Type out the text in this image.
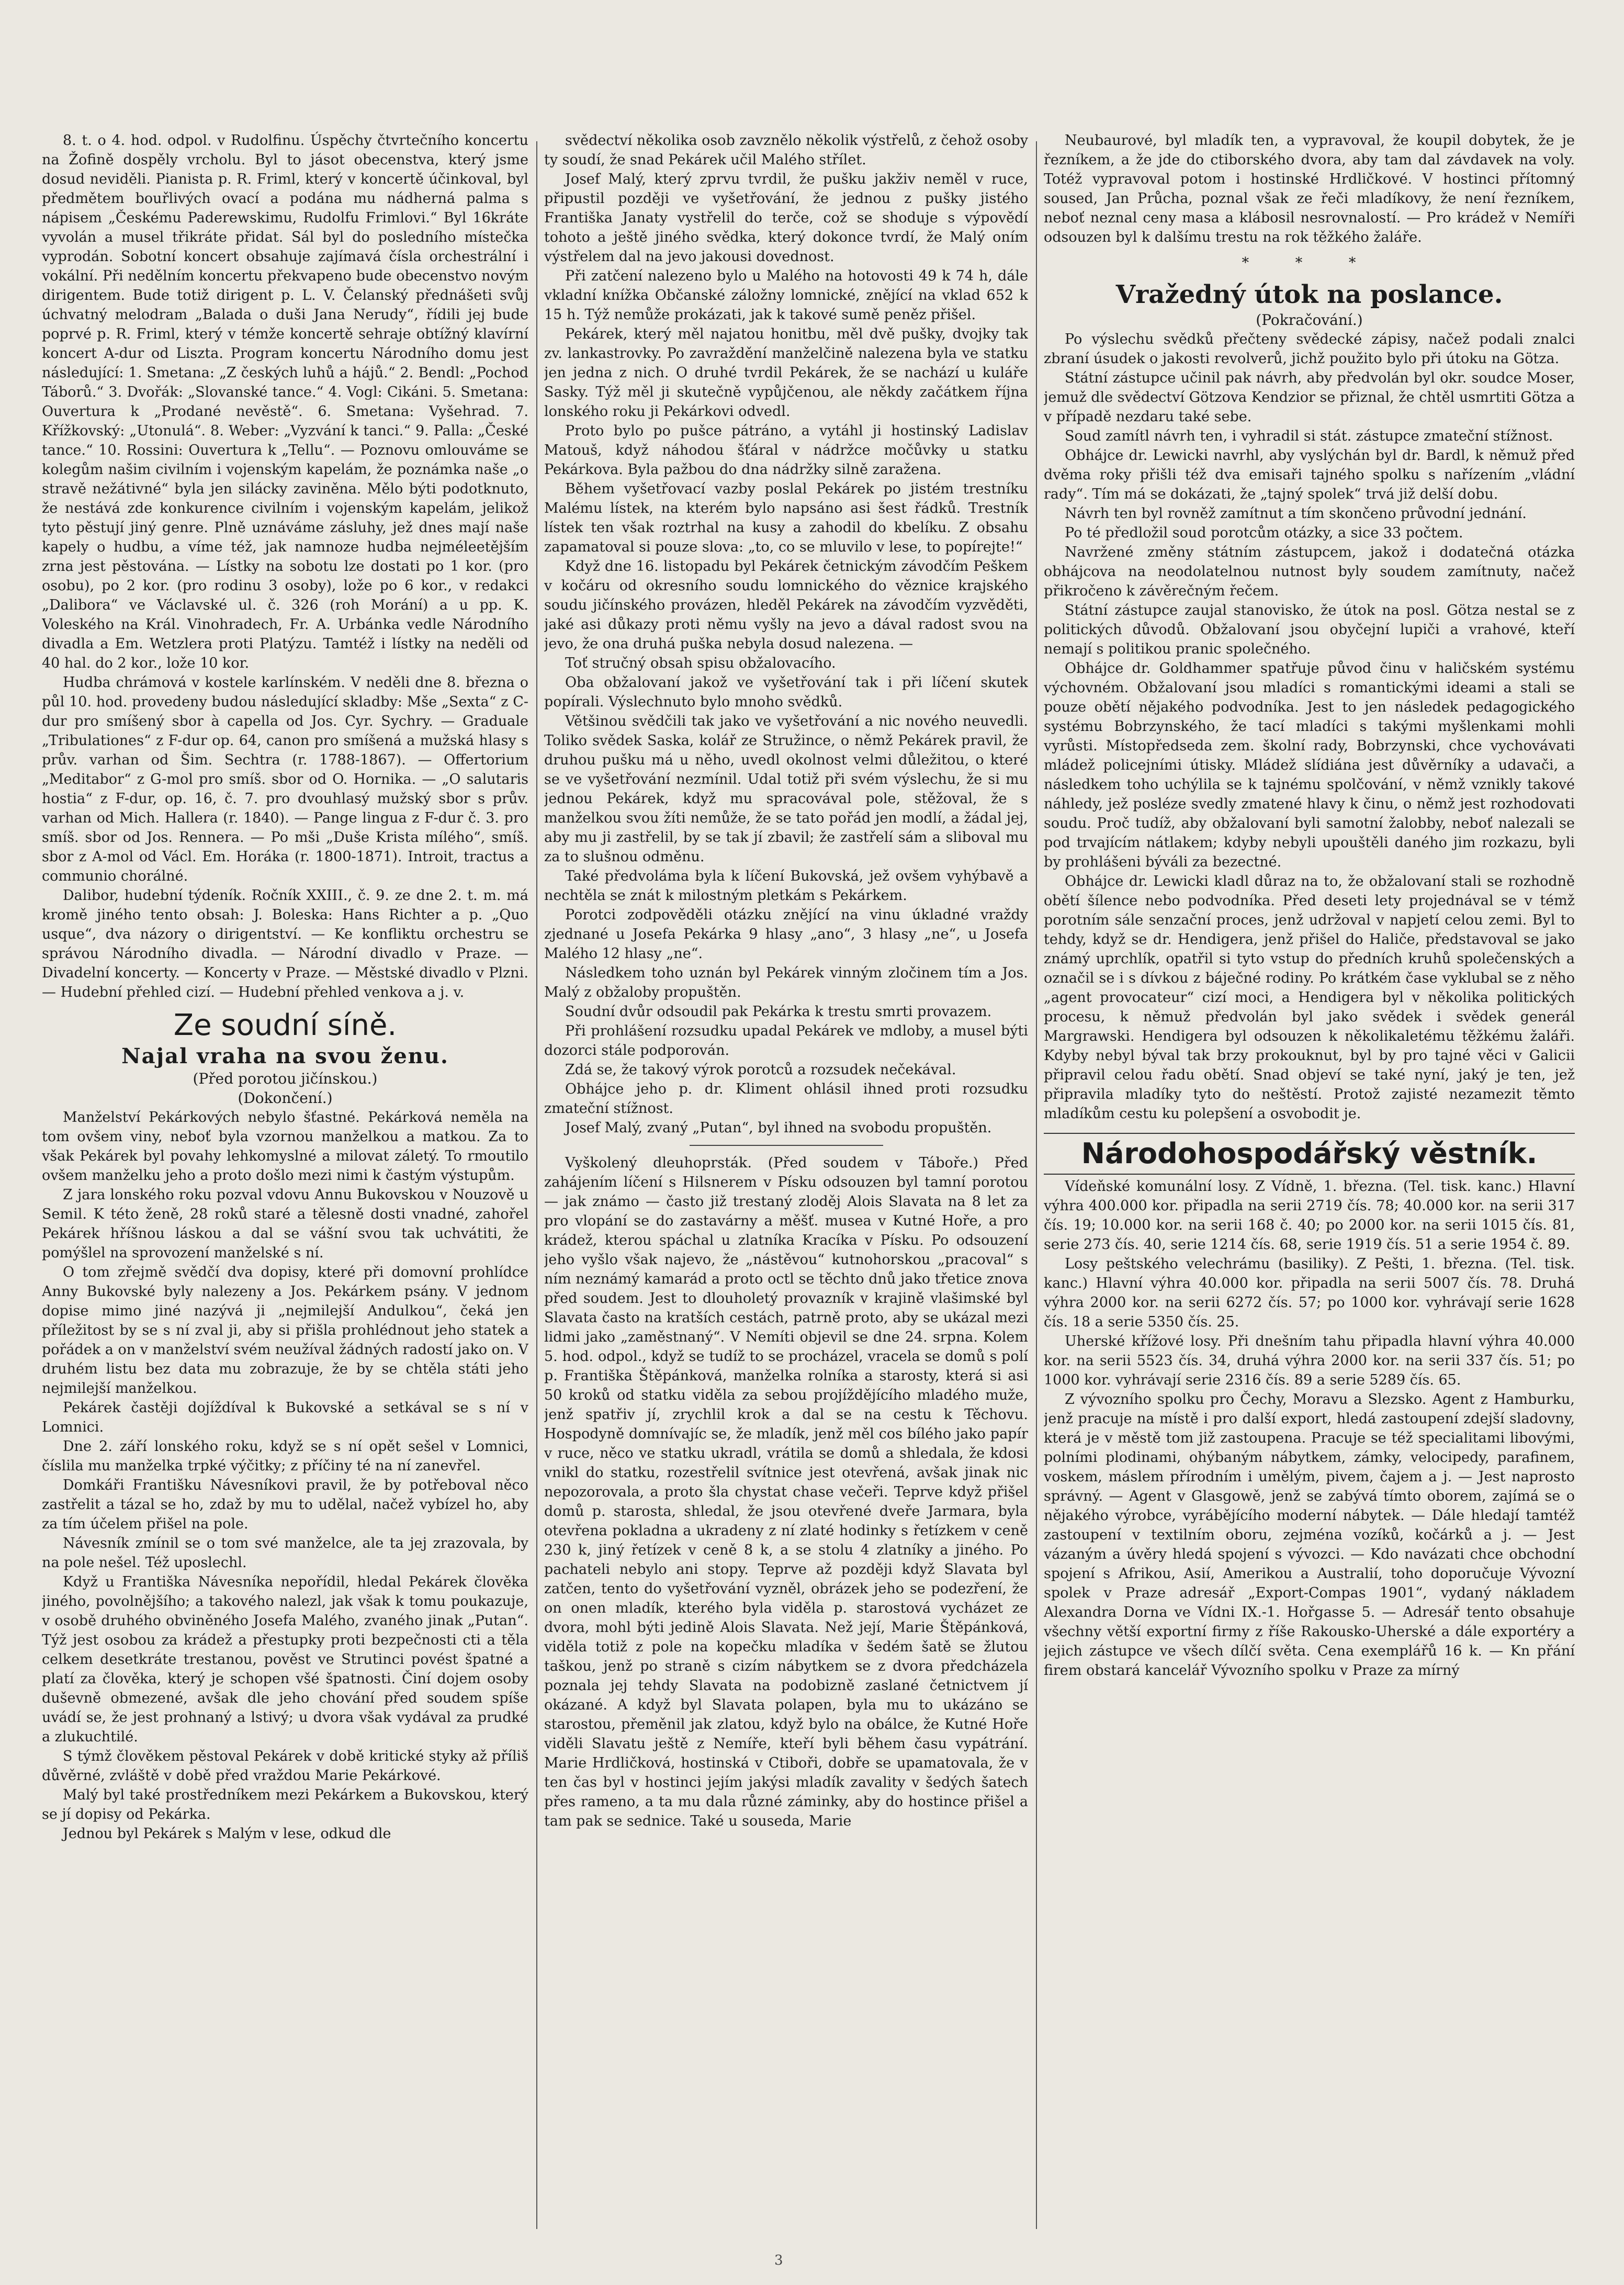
8. t. o 4. hod. odpol. v Rudolfinu. Úspěchy čtvrtečního koncertu na Žofině dospěly vrcholu. Byl to jásot obecenstva, který jsme dosud neviděli. Pianista p. R. Friml, který v koncertě účinkoval, byl předmětem bouřlivých ovací a podána mu nádherná palma s nápisem „Českému Paderewskimu, Rudolfu Frimlovi.“ Byl 16kráte vyvolán a musel třikráte přidat. Sál byl do posledního místečka vyprodán. Sobotní koncert obsahuje zajímavá čísla orchestrální i vokální. Při nedělním koncertu překvapeno bude obecenstvo novým dirigentem. Bude totiž dirigent p. L. V. Čelanský přednášeti svůj úchvatný melodram „Balada o duši Jana Nerudy“, řídili jej bude poprvé p. R. Friml, který v témže koncertě sehraje obtížný klavírní koncert A-dur od Liszta. Program koncertu Národního domu jest následující: 1. Smetana: „Z českých luhů a hájů.“ 2. Bendl: „Pochod Táborů.“ 3. Dvořák: „Slovanské tance.“ 4. Vogl: Cikáni. 5. Smetana: Ouvertura k „Prodané nevěstě“. 6. Smetana: Vyšehrad. 7. Křížkovský: „Utonulá“. 8. Weber: „Vyzvání k tanci.“ 9. Palla: „České tance.“ 10. Rossini: Ouvertura k „Tellu“. — Poznovu omlouváme se kolegům našim civilním i vojenským kapelám, že poznámka naše „o stravě nežátivné“ byla jen silácky zaviněna. Mělo býti podotknuto, že nestává zde konkurence civilním i vojenským kapelám, jelikož tyto pěstují jiný genre. Plně uznáváme zásluhy, jež dnes mají naše kapely o hudbu, a víme též, jak namnoze hudba nejméleetějším zrna jest pěstována. — Lístky na sobotu lze dostati po 1 kor. (pro osobu), po 2 kor. (pro rodinu 3 osoby), lože po 6 kor., v redakci „Dalibora“ ve Václavské ul. č. 326 (roh Morání) a u pp. K. Voleského na Král. Vinohradech, Fr. A. Urbánka vedle Národního divadla a Em. Wetzlera proti Platýzu. Tamtéž i lístky na neděli od 40 hal. do 2 kor., lože 10 kor.

Hudba chrámová v kostele karlínském. V neděli dne 8. března o půl 10. hod. provedeny budou následující skladby: Mše „Sexta“ z C-dur pro smíšený sbor à capella od Jos. Cyr. Sychry. — Graduale „Tribulationes“ z F-dur op. 64, canon pro smíšená a mužská hlasy s prův. varhan od Šim. Sechtra (r. 1788-1867). — Offertorium „Meditabor“ z G-mol pro smíš. sbor od O. Hornika. — „O salutaris hostia“ z F-dur, op. 16, č. 7. pro dvouhlasý mužský sbor s prův. varhan od Mich. Hallera (r. 1840). — Pange lingua z F-dur č. 3. pro smíš. sbor od Jos. Rennera. — Po mši „Duše Krista mílého“, smíš. sbor z A-mol od Václ. Em. Horáka (r. 1800-1871). Introit, tractus a communio chorálné.

Dalibor, hudební týdeník. Ročník XXIII., č. 9. ze dne 2. t. m. má kromě jiného tento obsah: J. Boleska: Hans Richter a p. „Quo usque“, dva názory o dirigentství. — Ke konfliktu orchestru se správou Národního divadla. — Národní divadlo v Praze. — Divadelní koncerty. — Koncerty v Praze. — Městské divadlo v Plzni. — Hudební přehled cizí. — Hudební přehled venkova a j. v.

Ze soudní síně.
Najal vraha na svou ženu.
(Před porotou jičínskou.)
(Dokončení.)

Manželství Pekárkových nebylo šťastné. Pekárková neměla na tom ovšem viny, neboť byla vzornou manželkou a matkou. Za to však Pekárek byl povahy lehkomyslné a milovat záletý. To rmoutilo ovšem manželku jeho a proto došlo mezi nimi k častým výstupům.

Z jara lonského roku pozval vdovu Annu Bukovskou v Nouzově u Semil. K této ženě, 28 roků staré a tělesně dosti vnadné, zahořel Pekárek hříšnou láskou a dal se vášní svou tak uchvátiti, že pomýšlel na sprovození manželské s ní.

O tom zřejmě svědčí dva dopisy, které při domovní prohlídce Anny Bukovské byly nalezeny a Jos. Pekárkem psány. V jednom dopise mimo jiné nazývá ji „nejmilejší Andulkou“, čeká jen příležitost by se s ní zval ji, aby si přišla prohlédnout jeho statek a pořádek a on v manželství svém neužíval žádných radostí jako on. V druhém listu bez data mu zobrazuje, že by se chtěla státi jeho nejmilejší manželkou.

Pekárek častěji dojíždíval k Bukovské a setkával se s ní v Lomnici.

Dne 2. září lonského roku, když se s ní opět sešel v Lomnici, číslila mu manželka trpké výčitky; z příčiny té na ní zanevřel.

Domkáři Františku Návesníkovi pravil, že by potřeboval něco zastřelit a tázal se ho, zdaž by mu to udělal, načež vybízel ho, aby za tím účelem přišel na pole.

Návesník zmínil se o tom své manželce, ale ta jej zrazovala, by na pole nešel. Též uposlechl.

Když u Františka Návesníka nepořídil, hledal Pekárek člověka jiného, povolnějšího; a takového nalezl, jak však k tomu poukazuje, v osobě druhého obviněného Josefa Malého, zvaného jinak „Putan“. Týž jest osobou za krádež a přestupky proti bezpečnosti cti a těla celkem desetkráte trestanou, pověst ve Strutinci povést špatné a platí za člověka, který je schopen všé špatnosti. Činí dojem osoby duševně obmezené, avšak dle jeho chování před soudem spíše uvádí se, že jest prohnaný a lstivý; u dvora však vydával za prudké a zlukuchtilé.

S týmž člověkem pěstoval Pekárek v době kritické styky až příliš důvěrné, zvláště v době před vraždou Marie Pekárkové.

Malý byl také prostředníkem mezi Pekárkem a Bukovskou, který se jí dopisy od Pekárka.

Jednou byl Pekárek s Malým v lese, odkud dle

svědectví několika osob zavznělo několik výstřelů, z čehož osoby ty soudí, že snad Pekárek učil Malého střílet.

Josef Malý, který zprvu tvrdil, že pušku jakživ neměl v ruce, připustil později ve vyšetřování, že jednou z pušky jistého Františka Janaty vystřelil do terče, což se shoduje s výpovědí tohoto a ještě jiného svědka, který dokonce tvrdí, že Malý oním výstřelem dal na jevo jakousi dovednost.

Při zatčení nalezeno bylo u Malého na hotovosti 49 k 74 h, dále vkladní knížka Občanské záložny lomnické, znějící na vklad 652 k 15 h. Týž nemůže prokázati, jak k takové sumě peněz přišel.

Pekárek, který měl najatou honitbu, měl dvě pušky, dvojky tak zv. lankastrovky. Po zavraždění manželčině nalezena byla ve statku jen jedna z nich. O druhé tvrdil Pekárek, že se nachází u kuláře Sasky. Týž měl ji skutečně vypůjčenou, ale někdy začátkem října lonského roku ji Pekárkovi odvedl.

Proto bylo po pušce pátráno, a vytáhl ji hostinský Ladislav Matouš, když náhodou šťáral v nádržce močůvky u statku Pekárkova. Byla pažbou do dna nádržky silně zaražena.

Během vyšetřovací vazby poslal Pekárek po jistém trestníku Malému lístek, na kterém bylo napsáno asi šest řádků. Trestník lístek ten však roztrhal na kusy a zahodil do kbelíku. Z obsahu zapamatoval si pouze slova: „to, co se mluvilo v lese, to popírejte!“

Když dne 16. listopadu byl Pekárek četnickým závodčím Peškem v kočáru od okresního soudu lomnického do věznice krajského soudu jičínského provázen, hleděl Pekárek na závodčím vyzvěděti, jaké asi důkazy proti němu vyšly na jevo a dával radost svou na jevo, že ona druhá puška nebyla dosud nalezena. —

Toť stručný obsah spisu obžalovacího.

Oba obžalovaní jakož ve vyšetřování tak i při líčení skutek popírali. Výslechnuto bylo mnoho svědků.

Většinou svědčili tak jako ve vyšetřování a nic nového neuvedli. Toliko svědek Saska, kolář ze Stružince, o němž Pekárek pravil, že druhou pušku má u něho, uvedl okolnost velmi důležitou, o které se ve vyšetřování nezmínil. Udal totiž při svém výslechu, že si mu jednou Pekárek, když mu spracovával pole, stěžoval, že s manželkou svou žíti nemůže, že se tato pořád jen modlí, a žádal jej, aby mu ji zastřelil, by se tak jí zbavil; že zastřelí sám a sliboval mu za to slušnou odměnu.

Také předvoláma byla k líčení Bukovská, jež ovšem vyhýbavě a nechtěla se znát k milostným pletkám s Pekárkem.

Porotci zodpověděli otázku znějící na vinu úkladné vraždy zjednané u Josefa Pekárka 9 hlasy „ano“, 3 hlasy „ne“, u Josefa Malého 12 hlasy „ne“.

Následkem toho uznán byl Pekárek vinným zločinem tím a Jos. Malý z obžaloby propuštěn.

Soudní dvůr odsoudil pak Pekárka k trestu smrti provazem.

Při prohlášení rozsudku upadal Pekárek ve mdloby, a musel býti dozorci stále podporován.

Zdá se, že takový výrok porotců a rozsudek nečekával.

Obhájce jeho p. dr. Kliment ohlásil ihned proti rozsudku zmateční stížnost.

Josef Malý, zvaný „Putan“, byl ihned na svobodu propuštěn.

Vyškolený dleuhoprsták. (Před soudem v Táboře.) Před zahájením líčení s Hilsnerem v Písku odsouzen byl tamní porotou — jak známo — často již trestaný zloděj Alois Slavata na 8 let za pro vlopání se do zastavárny a měšť. musea v Kutné Hoře, a pro krádež, kterou spáchal u zlatníka Kracíka v Písku. Po odsouzení jeho vyšlo však najevo, že „nástěvou“ kutnohorskou „pracoval“ s ním neznámý kamarád a proto octl se těchto dnů jako třetice znova před soudem. Jest to dlouholetý provazník v krajině vlašimské byl Slavata často na kratších cestách, patrně proto, aby se ukázal mezi lidmi jako „zaměstnaný“. V Nemíti objevil se dne 24. srpna. Kolem 5. hod. odpol., když se tudíž to se procházel, vracela se domů s polí p. Františka Štěpánková, manželka rolníka a starosty, která si asi 50 kroků od statku viděla za sebou projíždějícího mladého muže, jenž spatřiv jí, zrychlil krok a dal se na cestu k Těchovu. Hospodyně domnívajíc se, že mladík, jenž měl cos bílého jako papír v ruce, něco ve statku ukradl, vrátila se domů a shledala, že kdosi vnikl do statku, rozestřelil svítnice jest otevřená, avšak jinak nic nepozorovala, a proto šla chystat chase večeři. Teprve když přišel domů p. starosta, shledal, že jsou otevřené dveře Jarmara, byla otevřena pokladna a ukradeny z ní zlaté hodinky s řetízkem v ceně 230 k, jiný řetízek v ceně 8 k, a se stolu 4 zlatníky a jiného. Po pachateli nebylo ani stopy. Teprve až později když Slavata byl zatčen, tento do vyšetřování vyzněl, obrázek jeho se podezření, že on onen mladík, kterého byla viděla p. starostová vycházet ze dvora, mohl býti jedině Alois Slavata. Než její, Marie Štěpánková, viděla totiž z pole na kopečku mladíka v šedém šatě se žlutou taškou, jenž po straně s cizím nábytkem se z dvora předcházela poznala jej tehdy Slavata na podobizně zaslané četnictvem jí okázané. A když byl Slavata polapen, byla mu to ukázáno se starostou, přeměnil jak zlatou, když bylo na obálce, že Kutné Hoře viděli Slavatu ještě z Nemíře, kteří byli během času vypátrání. Marie Hrdličková, hostinská v Ctiboři, dobře se upamatovala, že v ten čas byl v hostinci jejím jakýsi mladík zavality v šedých šatech přes rameno, a ta mu dala různé záminky, aby do hostince přišel a tam pak se sednice. Také u souseda, Marie

Neubaurové, byl mladík ten, a vypravoval, že koupil dobytek, že je řezníkem, a že jde do ctiborského dvora, aby tam dal závdavek na voly. Totéž vypravoval potom i hostinské Hrdličkové. V hostinci přítomný soused, Jan Průcha, poznal však ze řeči mladíkovy, že není řezníkem, neboť neznal ceny masa a klábosil nesrovnalostí. — Pro krádež v Nemíři odsouzen byl k dalšímu trestu na rok těžkého žaláře.

* * *
Vražedný útok na poslance.
(Pokračování.)

Po výslechu svědků přečteny svědecké zápisy, načež podali znalci zbraní úsudek o jakosti revolverů, jichž použito bylo při útoku na Götza.

Státní zástupce učinil pak návrh, aby předvolán byl okr. soudce Moser, jemuž dle svědectví Götzova Kendzior se přiznal, že chtěl usmrtiti Götza a v případě nezdaru také sebe.

Soud zamítl návrh ten, i vyhradil si stát. zástupce zmateční stížnost.

Obhájce dr. Lewicki navrhl, aby vyslýchán byl dr. Bardl, k němuž před dvěma roky přišli též dva emisaři tajného spolku s nařízením „vládní rady“. Tím má se dokázati, že „tajný spolek“ trvá již delší dobu.

Návrh ten byl rovněž zamítnut a tím skončeno průvodní jednání.

Po té předložil soud porotcům otázky, a sice 33 počtem.

Navržené změny státním zástupcem, jakož i dodatečná otázka obhájcova na neodolatelnou nutnost byly soudem zamítnuty, načež přikročeno k závěrečným řečem.

Státní zástupce zaujal stanovisko, že útok na posl. Götza nestal se z politických důvodů. Obžalovaní jsou obyčejní lupiči a vrahové, kteří nemají s politikou pranic společného.

Obhájce dr. Goldhammer spatřuje původ činu v haličském systému výchovném. Obžalovaní jsou mladíci s romantickými ideami a stali se pouze obětí nějakého podvodníka. Jest to jen následek pedagogického systému Bobrzynského, že tací mladíci s takými myšlenkami mohli vyrůsti. Místopředseda zem. školní rady, Bobrzynski, chce vychovávati mládež policejními útisky. Mládež slídiána jest důvěrníky a udavači, a následkem toho uchýlila se k tajnému spolčování, v němž vznikly takové náhledy, jež posléze svedly zmatené hlavy k činu, o němž jest rozhodovati soudu. Proč tudíž, aby obžalovaní byli samotní žalobby, neboť nalezali se pod trvajícím nátlakem; kdyby nebyli upouštěli daného jim rozkazu, byli by prohlášeni býváli za bezectné.

Obhájce dr. Lewicki kladl důraz na to, že obžalovaní stali se rozhodně obětí šílence nebo podvodníka. Před deseti lety projednával se v témž porotním sále senzační proces, jenž udržoval v napjetí celou zemi. Byl to tehdy, když se dr. Hendigera, jenž přišel do Haliče, představoval se jako známý uprchlík, opatřil si tyto vstup do předních kruhů společenských a označil se i s dívkou z báječné rodiny. Po krátkém čase vyklubal se z něho „agent provocateur“ cizí moci, a Hendigera byl v několika politických procesu, k němuž předvolán byl jako svědek i svědek generál Margrawski. Hendigera byl odsouzen k několikaletému těžkému žaláři. Kdyby nebyl býval tak brzy prokouknut, byl by pro tajné věci v Galicii připravil celou řadu obětí. Snad objeví se také nyní, jaký je ten, jež připravila mladíky tyto do neštěstí. Protož zajisté nezamezit těmto mladíkům cestu ku polepšení a osvobodit je.

Národohospodářský věstník.

Vídeňské komunální losy. Z Vídně, 1. března. (Tel. tisk. kanc.) Hlavní výhra 400.000 kor. připadla na serii 2719 čís. 78; 40.000 kor. na serii 317 čís. 19; 10.000 kor. na serii 168 č. 40; po 2000 kor. na serii 1015 čís. 81, serie 273 čís. 40, serie 1214 čís. 68, serie 1919 čís. 51 a serie 1954 č. 89.

Losy peštského velechrámu (basiliky). Z Pešti, 1. března. (Tel. tisk. kanc.) Hlavní výhra 40.000 kor. připadla na serii 5007 čís. 78. Druhá výhra 2000 kor. na serii 6272 čís. 57; po 1000 kor. vyhrávají serie 1628 čís. 18 a serie 5350 čís. 25.

Uherské křížové losy. Při dnešním tahu připadla hlavní výhra 40.000 kor. na serii 5523 čís. 34, druhá výhra 2000 kor. na serii 337 čís. 51; po 1000 kor. vyhrávají serie 2316 čís. 89 a serie 5289 čís. 65.

Z vývozního spolku pro Čechy, Moravu a Slezsko. Agent z Hamburku, jenž pracuje na místě i pro další export, hledá zastoupení zdejší sladovny, která je v městě tom již zastoupena. Pracuje se též specialitami libovými, polními plodinami, ohýbaným nábytkem, zámky, velocipedy, parafinem, voskem, máslem přírodním i umělým, pivem, čajem a j. — Jest naprosto správný. — Agent v Glasgowě, jenž se zabývá tímto oborem, zajímá se o nějakého výrobce, vyrábějícího moderní nábytek. — Dále hledají tamtéž zastoupení v textilním oboru, zejména vozíků, kočárků a j. — Jest vázaným a úvěry hledá spojení s vývozci. — Kdo navázati chce obchodní spojení s Afrikou, Asií, Amerikou a Australií, toho doporučuje Vývozní spolek v Praze adresář „Export-Compas 1901“, vydaný nákladem Alexandra Dorna ve Vídni IX.-1. Hořgasse 5. — Adresář tento obsahuje všechny větší exportní firmy z říše Rakousko-Uherské a dále exportéry a jejich zástupce ve všech dílčí světa. Cena exemplářů 16 k. — Kn přání firem obstará kancelář Vývozního spolku v Praze za mírný

3
